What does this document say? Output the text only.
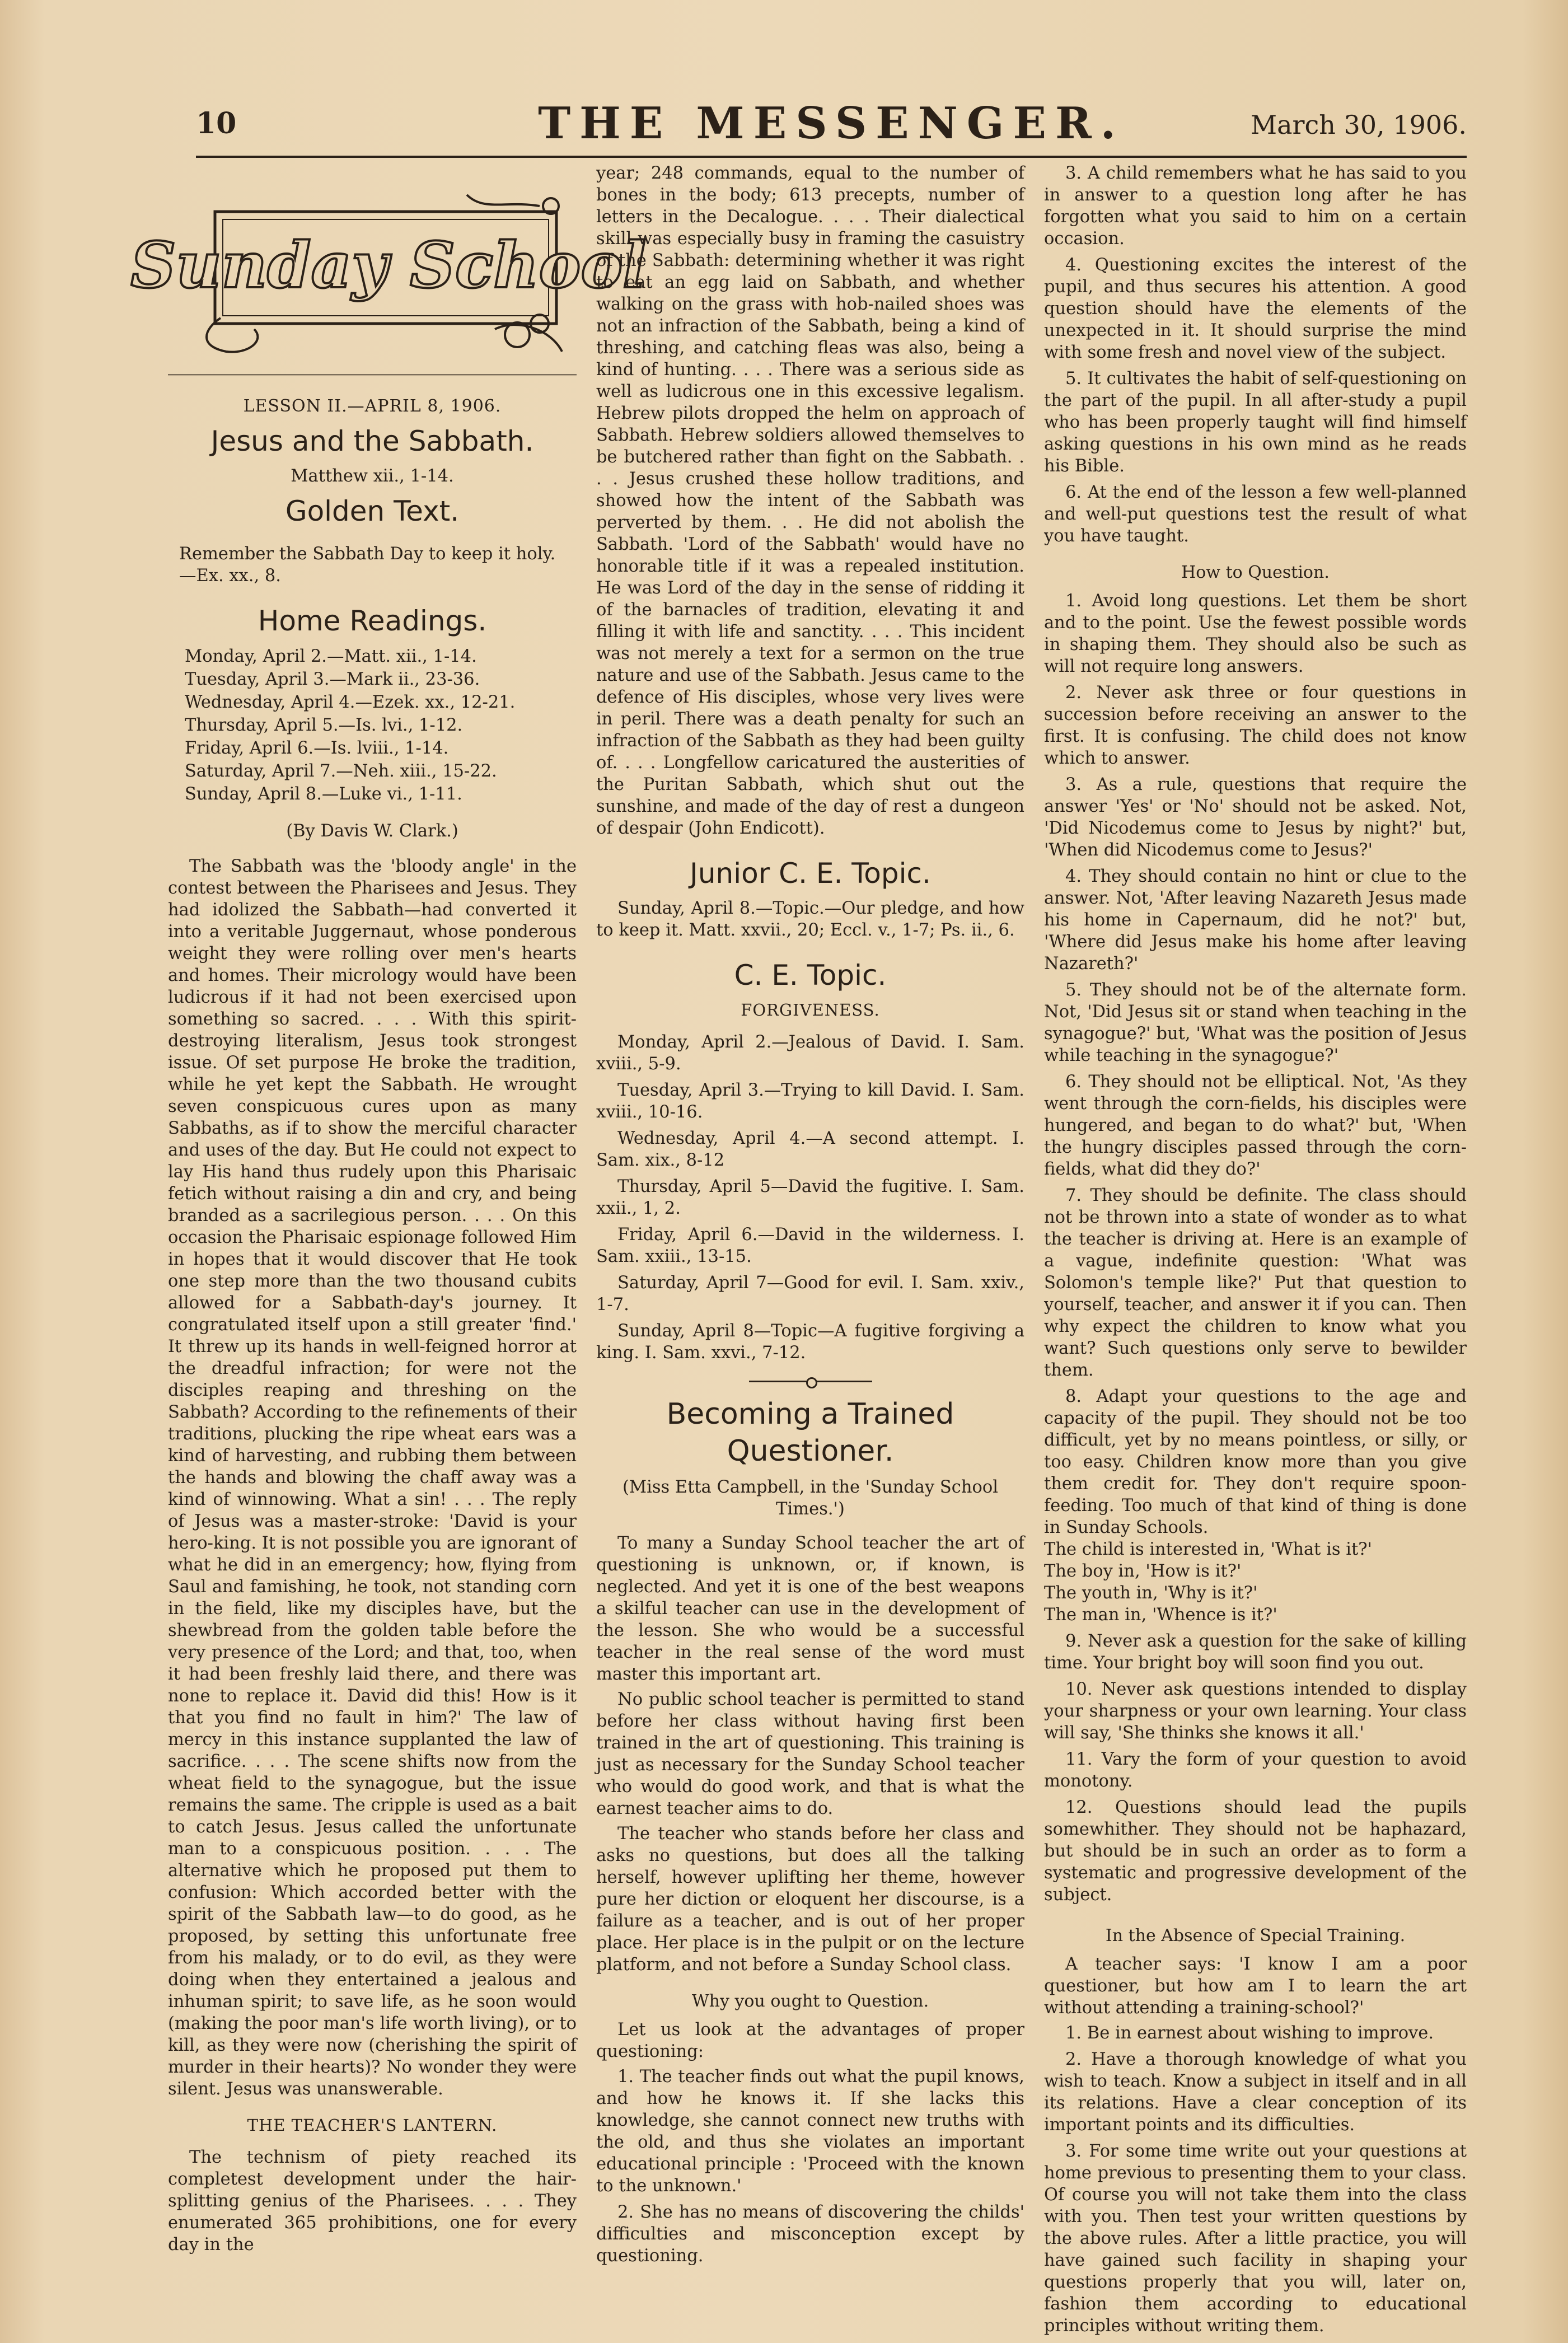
10	THE MESSENGER.	March 30, 1906.
Sunday School
LESSON II.—APRIL 8, 1906.
Jesus and the Sabbath.
Matthew xii., 1-14.
Golden Text.
Remember the Sabbath Day to keep it holy. —Ex. xx., 8.
Home Readings.
Monday, April 2.—Matt. xii., 1-14.
Tuesday, April 3.—Mark ii., 23-36.
Wednesday, April 4.—Ezek. xx., 12-21.
Thursday, April 5.—Is. lvi., 1-12.
Friday, April 6.—Is. lviii., 1-14.
Saturday, April 7.—Neh. xiii., 15-22.
Sunday, April 8.—Luke vi., 1-11.
(By Davis W. Clark.)

The Sabbath was the 'bloody angle' in the contest between the Pharisees and Jesus. They had idolized the Sabbath—had converted it into a veritable Juggernaut, whose ponderous weight they were rolling over men's hearts and homes. Their micrology would have been ludicrous if it had not been exercised upon something so sacred. . . . With this spirit-destroying literalism, Jesus took strongest issue. Of set purpose He broke the tradition, while he yet kept the Sabbath. He wrought seven conspicuous cures upon as many Sabbaths, as if to show the merciful character and uses of the day. But He could not expect to lay His hand thus rudely upon this Pharisaic fetich without raising a din and cry, and being branded as a sacrilegious person. . . . On this occasion the Pharisaic espionage followed Him in hopes that it would discover that He took one step more than the two thousand cubits allowed for a Sabbath-day's journey. It congratulated itself upon a still greater 'find.' It threw up its hands in well-feigned horror at the dreadful infraction; for were not the disciples reaping and threshing on the Sabbath? According to the refinements of their traditions, plucking the ripe wheat ears was a kind of harvesting, and rubbing them between the hands and blowing the chaff away was a kind of winnowing. What a sin! . . . The reply of Jesus was a master-stroke: 'David is your hero-king. It is not possible you are ignorant of what he did in an emergency; how, flying from Saul and famishing, he took, not standing corn in the field, like my disciples have, but the shewbread from the golden table before the very presence of the Lord; and that, too, when it had been freshly laid there, and there was none to replace it. David did this! How is it that you find no fault in him?' The law of mercy in this instance supplanted the law of sacrifice. . . . The scene shifts now from the wheat field to the synagogue, but the issue remains the same. The cripple is used as a bait to catch Jesus. Jesus called the unfortunate man to a conspicuous position. . . . The alternative which he proposed put them to confusion: Which accorded better with the spirit of the Sabbath law—to do good, as he proposed, by setting this unfortunate free from his malady, or to do evil, as they were doing when they entertained a jealous and inhuman spirit; to save life, as he soon would (making the poor man's life worth living), or to kill, as they were now (cherishing the spirit of murder in their hearts)? No wonder they were silent. Jesus was unanswerable.

THE TEACHER'S LANTERN.

The technism of piety reached its completest development under the hair-splitting genius of the Pharisees. . . . They enumerated 365 prohibitions, one for every day in the

year; 248 commands, equal to the number of bones in the body; 613 precepts, number of letters in the Decalogue. . . . Their dialectical skill was especially busy in framing the casuistry of the Sabbath: determining whether it was right to eat an egg laid on Sabbath, and whether walking on the grass with hob-nailed shoes was not an infraction of the Sabbath, being a kind of threshing, and catching fleas was also, being a kind of hunting. . . . There was a serious side as well as ludicrous one in this excessive legalism. Hebrew pilots dropped the helm on approach of Sabbath. Hebrew soldiers allowed themselves to be butchered rather than fight on the Sabbath. . . . Jesus crushed these hollow traditions, and showed how the intent of the Sabbath was perverted by them. . . He did not abolish the Sabbath. 'Lord of the Sabbath' would have no honorable title if it was a repealed institution. He was Lord of the day in the sense of ridding it of the barnacles of tradition, elevating it and filling it with life and sanctity. . . . This incident was not merely a text for a sermon on the true nature and use of the Sabbath. Jesus came to the defence of His disciples, whose very lives were in peril. There was a death penalty for such an infraction of the Sabbath as they had been guilty of. . . . Longfellow caricatured the austerities of the Puritan Sabbath, which shut out the sunshine, and made of the day of rest a dungeon of despair (John Endicott).

Junior C. E. Topic.

Sunday, April 8.—Topic.—Our pledge, and how to keep it. Matt. xxvii., 20; Eccl. v., 1-7; Ps. ii., 6.

C. E. Topic.
FORGIVENESS.
Monday, April 2.—Jealous of David. I. Sam. xviii., 5-9.
Tuesday, April 3.—Trying to kill David. I. Sam. xviii., 10-16.
Wednesday, April 4.—A second attempt. I. Sam. xix., 8-12
Thursday, April 5—David the fugitive. I. Sam. xxii., 1, 2.
Friday, April 6.—David in the wilderness. I. Sam. xxiii., 13-15.
Saturday, April 7—Good for evil. I. Sam. xxiv., 1-7.
Sunday, April 8—Topic—A fugitive forgiving a king. I. Sam. xxvi., 7-12.
Becoming a Trained Questioner.
(Miss Etta Campbell, in the 'Sunday School Times.')

To many a Sunday School teacher the art of questioning is unknown, or, if known, is neglected. And yet it is one of the best weapons a skilful teacher can use in the development of the lesson. She who would be a successful teacher in the real sense of the word must master this important art.

No public school teacher is permitted to stand before her class without having first been trained in the art of questioning. This training is just as necessary for the Sunday School teacher who would do good work, and that is what the earnest teacher aims to do.

The teacher who stands before her class and asks no questions, but does all the talking herself, however uplifting her theme, however pure her diction or eloquent her discourse, is a failure as a teacher, and is out of her proper place. Her place is in the pulpit or on the lecture platform, and not before a Sunday School class.

Why you ought to Question.

Let us look at the advantages of proper questioning:

1. The teacher finds out what the pupil knows, and how he knows it. If she lacks this knowledge, she cannot connect new truths with the old, and thus she violates an important educational principle : 'Proceed with the known to the unknown.'
2. She has no means of discovering the childs' difficulties and misconception except by questioning.
3. A child remembers what he has said to you in answer to a question long after he has forgotten what you said to him on a certain occasion.
4. Questioning excites the interest of the pupil, and thus secures his attention. A good question should have the elements of the unexpected in it. It should surprise the mind with some fresh and novel view of the subject.
5. It cultivates the habit of self-questioning on the part of the pupil. In all after-study a pupil who has been properly taught will find himself asking questions in his own mind as he reads his Bible.
6. At the end of the lesson a few well-planned and well-put questions test the result of what you have taught.
How to Question.
1. Avoid long questions. Let them be short and to the point. Use the fewest possible words in shaping them. They should also be such as will not require long answers.
2. Never ask three or four questions in succession before receiving an answer to the first. It is confusing. The child does not know which to answer.
3. As a rule, questions that require the answer 'Yes' or 'No' should not be asked. Not, 'Did Nicodemus come to Jesus by night?' but, 'When did Nicodemus come to Jesus?'
4. They should contain no hint or clue to the answer. Not, 'After leaving Nazareth Jesus made his home in Capernaum, did he not?' but, 'Where did Jesus make his home after leaving Nazareth?'
5. They should not be of the alternate form. Not, 'Did Jesus sit or stand when teaching in the synagogue?' but, 'What was the position of Jesus while teaching in the synagogue?'
6. They should not be elliptical. Not, 'As they went through the corn-fields, his disciples were hungered, and began to do what?' but, 'When the hungry disciples passed through the corn-fields, what did they do?'
7. They should be definite. The class should not be thrown into a state of wonder as to what the teacher is driving at. Here is an example of a vague, indefinite question: 'What was Solomon's temple like?' Put that question to yourself, teacher, and answer it if you can. Then why expect the children to know what you want? Such questions only serve to bewilder them.
8. Adapt your questions to the age and capacity of the pupil. They should not be too difficult, yet by no means pointless, or silly, or too easy. Children know more than you give them credit for. They don't require spoon-feeding. Too much of that kind of thing is done in Sunday Schools.
The child is interested in, 'What is it?'
The boy in, 'How is it?'
The youth in, 'Why is it?'
The man in, 'Whence is it?'
9. Never ask a question for the sake of killing time. Your bright boy will soon find you out.
10. Never ask questions intended to display your sharpness or your own learning. Your class will say, 'She thinks she knows it all.'
11. Vary the form of your question to avoid monotony.
12. Questions should lead the pupils somewhither. They should not be haphazard, but should be in such an order as to form a systematic and progressive development of the subject.
In the Absence of Special Training.

A teacher says: 'I know I am a poor questioner, but how am I to learn the art without attending a training-school?'

1. Be in earnest about wishing to improve.
2. Have a thorough knowledge of what you wish to teach. Know a subject in itself and in all its relations. Have a clear conception of its important points and its difficulties.
3. For some time write out your questions at home previous to presenting them to your class. Of course you will not take them into the class with you. Then test your written questions by the above rules. After a little practice, you will have gained such facility in shaping your questions properly that you will, later on, fashion them according to educational principles without writing them.
